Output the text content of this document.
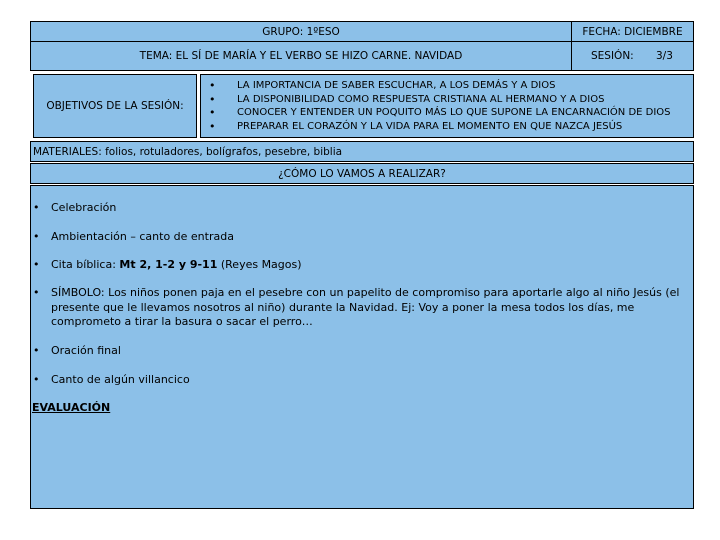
GRUPO: 1ºESO	FECHA: DICIEMBRE
TEMA: EL SÍ DE MARÍA Y EL VERBO SE HIZO CARNE. NAVIDAD	SESIÓN: 3/3
OBJETIVOS DE LA SESIÓN:
• LA IMPORTANCIA DE SABER ESCUCHAR, A LOS DEMÁS Y A DIOS
• LA DISPONIBILIDAD COMO RESPUESTA CRISTIANA AL HERMANO Y A DIOS
• CONOCER Y ENTENDER UN POQUITO MÁS LO QUE SUPONE LA ENCARNACIÓN DE DIOS
• PREPARAR EL CORAZÓN Y LA VIDA PARA EL MOMENTO EN QUE NAZCA JESÚS
MATERIALES: folios, rotuladores, bolígrafos, pesebre, biblia
¿CÓMO LO VAMOS A REALIZAR?
• Celebración
• Ambientación – canto de entrada
• Cita bíblica: Mt 2, 1-2 y 9-11 (Reyes Magos)
• SÍMBOLO: Los niños ponen paja en el pesebre con un papelito de compromiso para aportarle algo al niño Jesús (el presente que le llevamos nosotros al niño) durante la Navidad. Ej: Voy a poner la mesa todos los días, me comprometo a tirar la basura o sacar el perro…
• Oración final
• Canto de algún villancico
EVALUACIÓN
